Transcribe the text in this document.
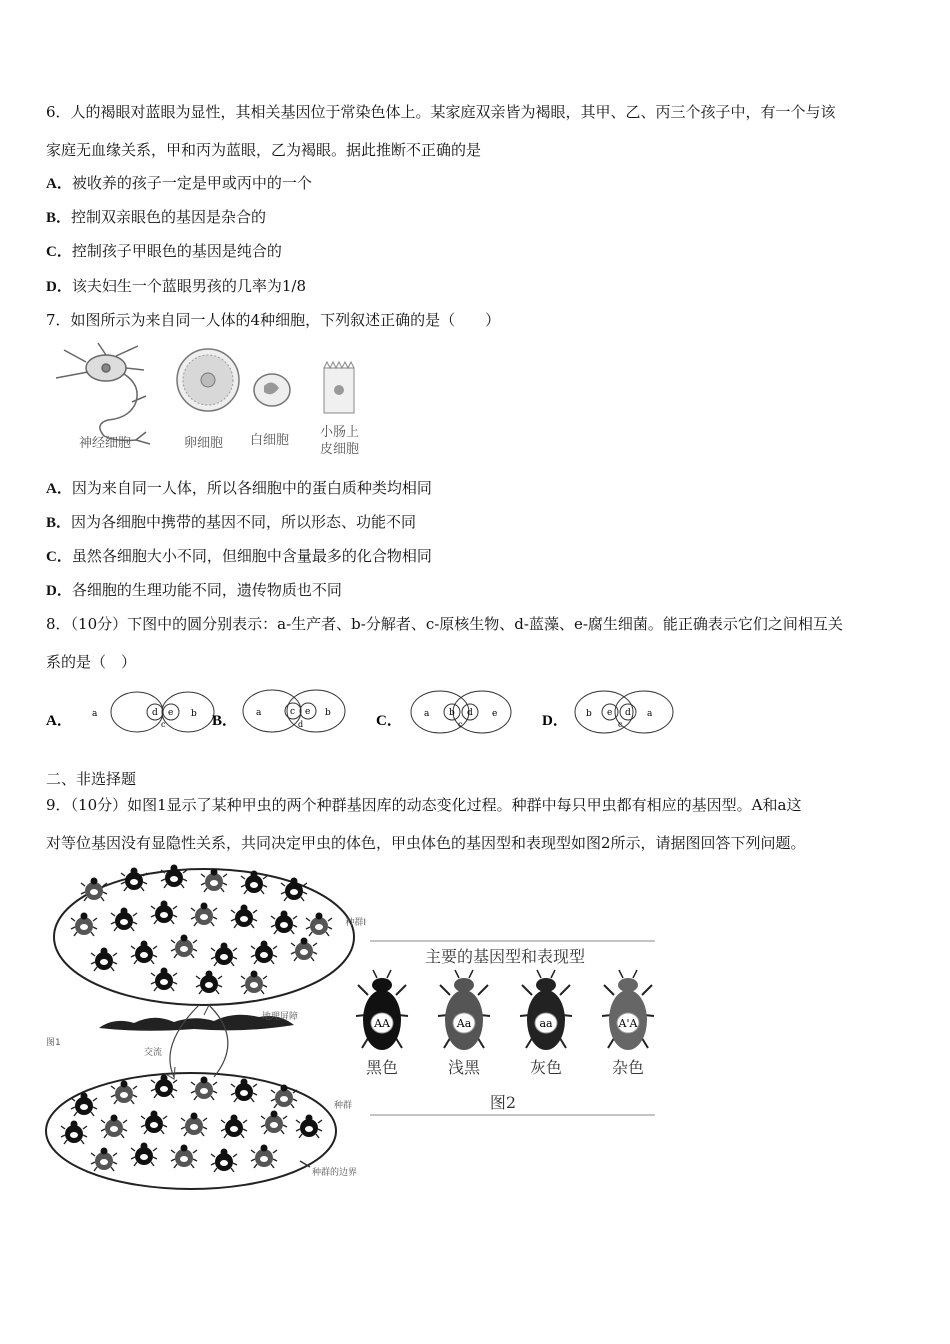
6．人的褐眼对蓝眼为显性，其相关基因位于常染色体上。某家庭双亲皆为褐眼，其甲、乙、丙三个孩子中，有一个与该
家庭无血缘关系，甲和丙为蓝眼，乙为褐眼。据此推断不正确的是
A．被收养的孩子一定是甲或丙中的一个
B．控制双亲眼色的基因是杂合的
C．控制孩子甲眼色的基因是纯合的
D．该夫妇生一个蓝眼男孩的几率为1/8
7．如图所示为来自同一人体的4种细胞，下列叙述正确的是（　　）
神经细胞	卵细胞 白细胞
小肠上
皮细胞
A．因为来自同一人体，所以各细胞中的蛋白质种类均相同
B．因为各细胞中携带的基因不同，所以形态、功能不同
C．虽然各细胞大小不同，但细胞中含量最多的化合物相同
D．各细胞的生理功能不同，遗传物质也不同
8．（10分）下图中的圆分别表示：a-生产者、b-分解者、c-原核生物、d-蓝藻、e-腐生细菌。能正确表示它们之间相互关
系的是（　）
A． a	d
c
e b B． a	c
d
e b	C． a b
c
d e	D．	e
c
d
b	a
二、非选择题
9．（10分）如图1显示了某种甲虫的两个种群基因库的动态变化过程。种群中每只甲虫都有相应的基因型。A和a这
对等位基因没有显隐性关系，共同决定甲虫的体色，甲虫体色的基因型和表现型如图2所示，请据图回答下列问题。
种群Ⅰ
地理屏障
交流
图1
种群
种群的边界
主要的基因型和表现型
AA
黑色
Aa
浅黑
aa
灰色
A'A
杂色
图2
